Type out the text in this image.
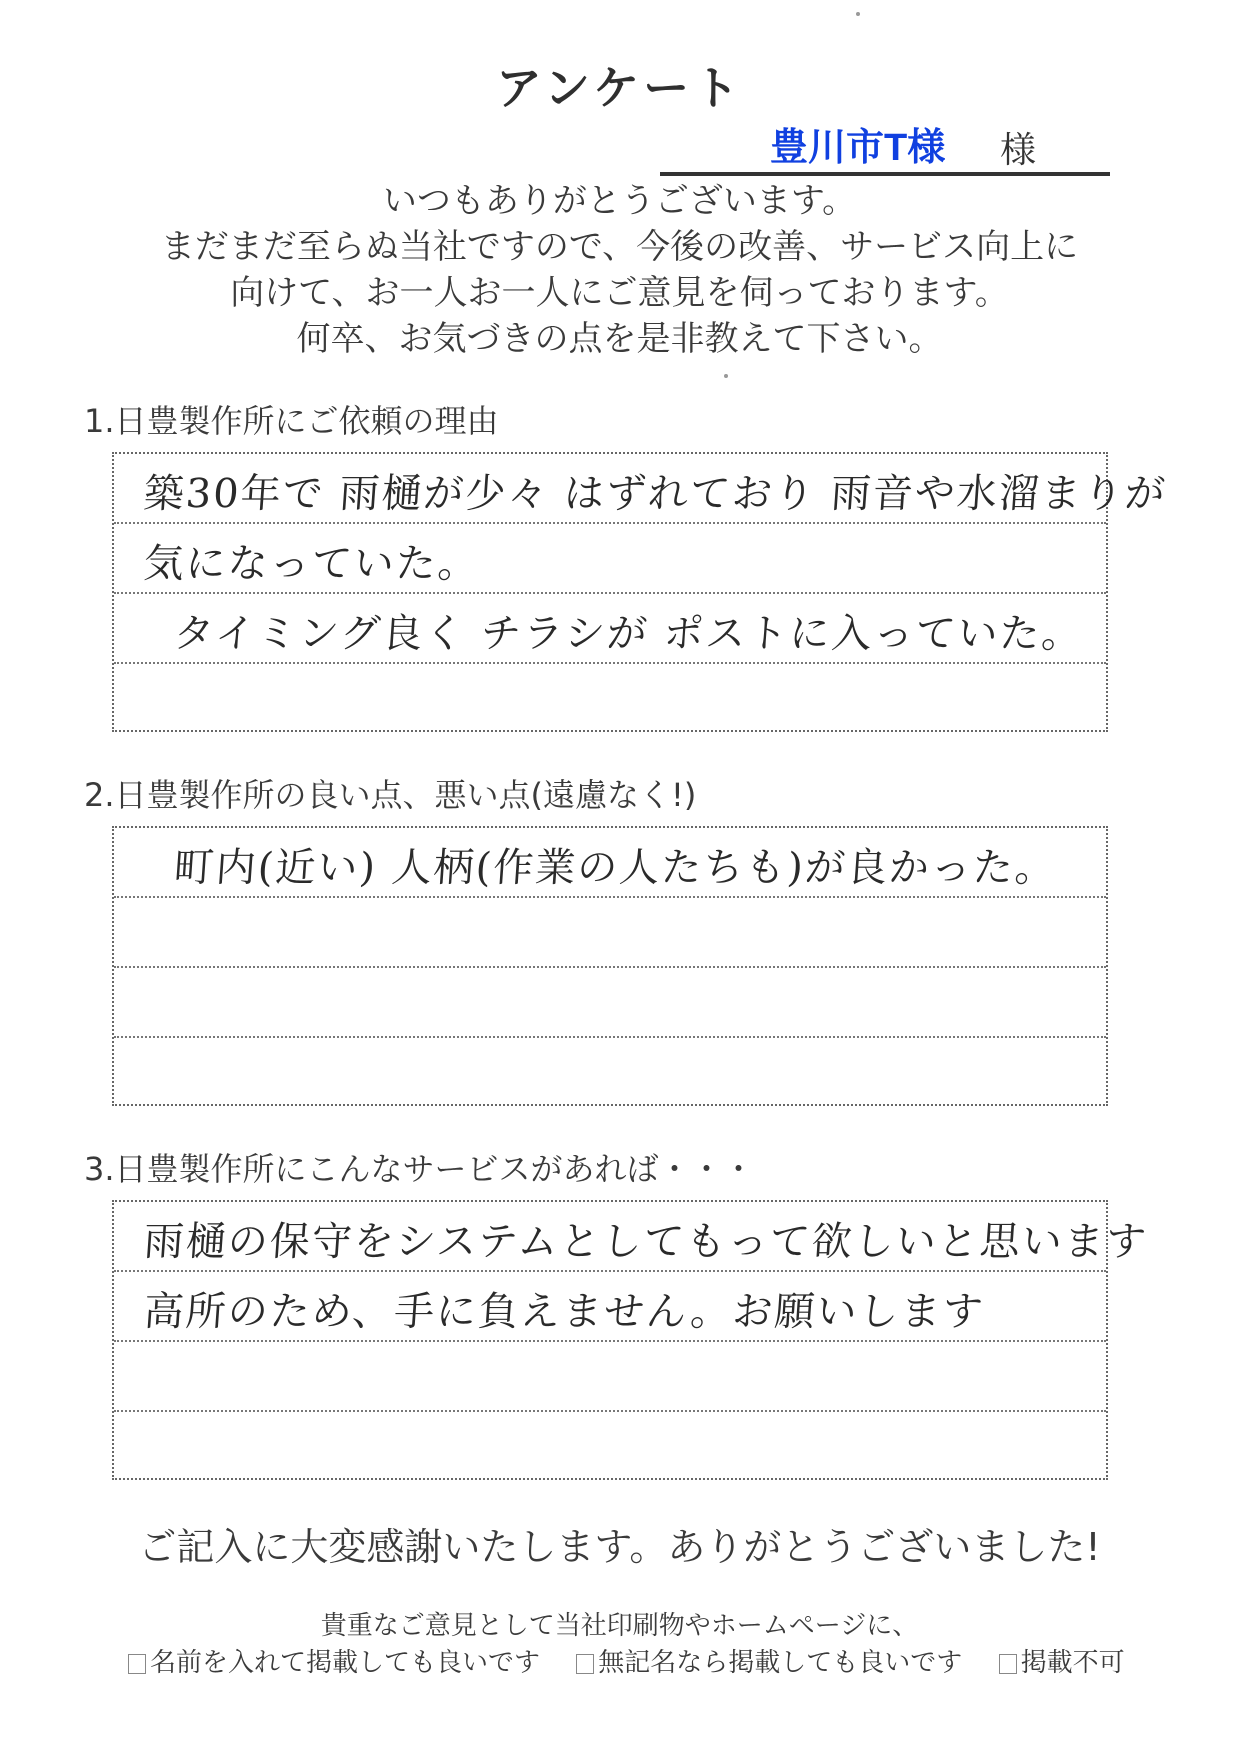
アンケート
豊川市T様 様
いつもありがとうございます。
まだまだ至らぬ当社ですので、今後の改善、サービス向上に
向けて、お一人お一人にご意見を伺っております。
何卒、お気づきの点を是非教えて下さい。
1.日豊製作所にご依頼の理由
築30年で 雨樋が少々 はずれており 雨音や水溜まりが
気になっていた。
タイミング良く チラシが ポストに入っていた。
2.日豊製作所の良い点、悪い点(遠慮なく!)
町内(近い) 人柄(作業の人たちも)が良かった。
3.日豊製作所にこんなサービスがあれば・・・
雨樋の保守をシステムとしてもって欲しいと思います
高所のため、手に負えません。お願いします
ご記入に大変感謝いたします。ありがとうございました!
貴重なご意見として当社印刷物やホームページに、
名前を入れて掲載しても良いです 無記名なら掲載しても良いです 掲載不可
